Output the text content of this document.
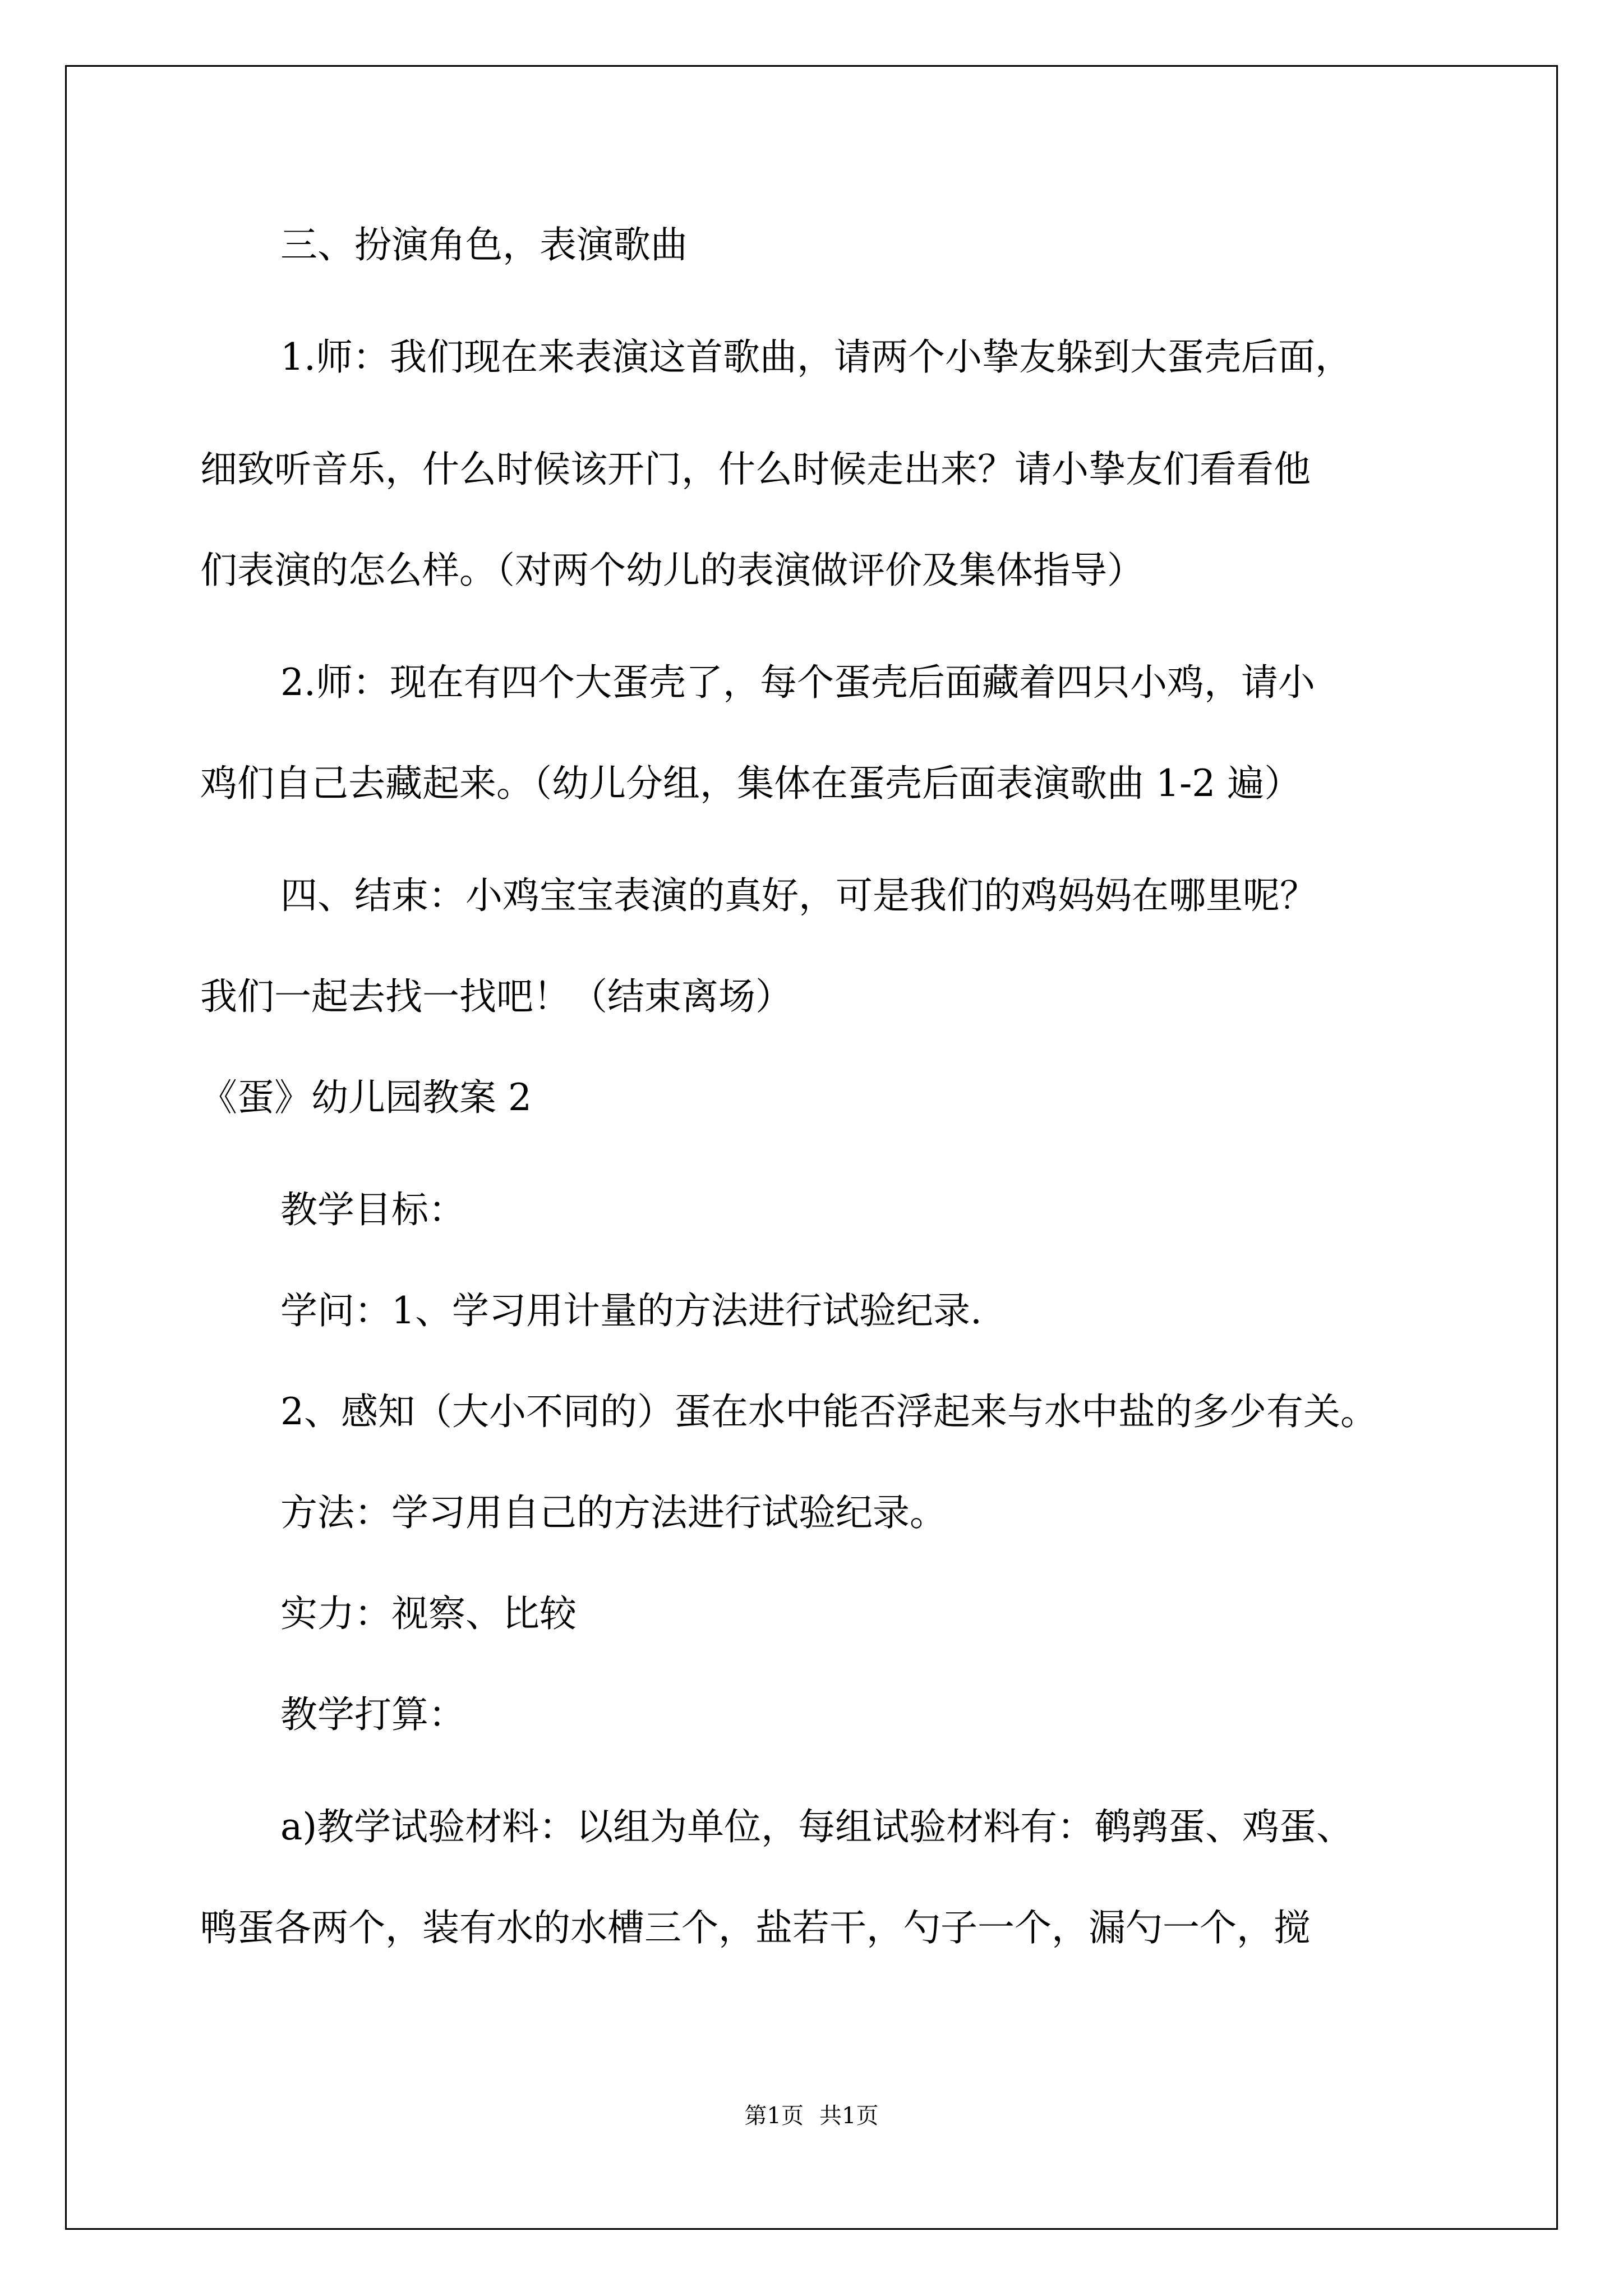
三、扮演角色，表演歌曲
1.师：我们现在来表演这首歌曲，请两个小挚友躲到大蛋壳后面，
细致听音乐，什么时候该开门，什么时候走出来？请小挚友们看看他
们表演的怎么样。（对两个幼儿的表演做评价及集体指导）
2.师：现在有四个大蛋壳了，每个蛋壳后面藏着四只小鸡，请小
鸡们自己去藏起来。（幼儿分组，集体在蛋壳后面表演歌曲 1-2 遍）
四、结束：小鸡宝宝表演的真好，可是我们的鸡妈妈在哪里呢？
我们一起去找一找吧！（结束离场）
《蛋》幼儿园教案 2
教学目标：
学问：1、学习用计量的方法进行试验纪录.
2、感知（大小不同的）蛋在水中能否浮起来与水中盐的多少有关。
方法：学习用自己的方法进行试验纪录。
实力：视察、比较
教学打算：
a)教学试验材料：以组为单位，每组试验材料有：鹌鹑蛋、鸡蛋、
鸭蛋各两个，装有水的水槽三个，盐若干，勺子一个，漏勺一个，搅
第1页 共1页
